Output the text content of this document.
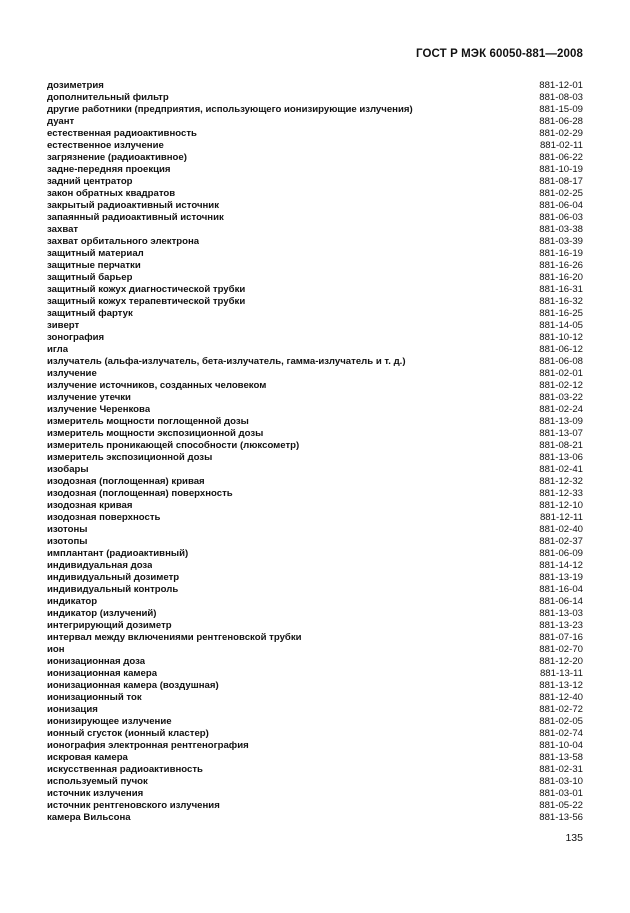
ГОСТ Р МЭК 60050-881—2008
дозиметрия	881-12-01
дополнительный фильтр	881-08-03
другие работники (предприятия, использующего ионизирующие излучения)	881-15-09
дуант	881-06-28
естественная радиоактивность	881-02-29
естественное излучение	881-02-11
загрязнение (радиоактивное)	881-06-22
задне-передняя проекция	881-10-19
задний центратор	881-08-17
закон обратных квадратов	881-02-25
закрытый радиоактивный источник	881-06-04
запаянный радиоактивный источник	881-06-03
захват	881-03-38
захват орбитального электрона	881-03-39
защитный материал	881-16-19
защитные перчатки	881-16-26
защитный барьер	881-16-20
защитный кожух диагностической трубки	881-16-31
защитный кожух терапевтической трубки	881-16-32
защитный фартук	881-16-25
зиверт	881-14-05
зонография	881-10-12
игла	881-06-12
излучатель (альфа-излучатель, бета-излучатель, гамма-излучатель и т. д.)	881-06-08
излучение	881-02-01
излучение источников, созданных человеком	881-02-12
излучение утечки	881-03-22
излучение Черенкова	881-02-24
измеритель мощности поглощенной дозы	881-13-09
измеритель мощности экспозиционной дозы	881-13-07
измеритель проникающей способности (люксометр)	881-08-21
измеритель экспозиционной дозы	881-13-06
изобары	881-02-41
изодозная (поглощенная) кривая	881-12-32
изодозная (поглощенная) поверхность	881-12-33
изодозная кривая	881-12-10
изодозная поверхность	881-12-11
изотоны	881-02-40
изотопы	881-02-37
имплантант (радиоактивный)	881-06-09
индивидуальная доза	881-14-12
индивидуальный дозиметр	881-13-19
индивидуальный контроль	881-16-04
индикатор	881-06-14
индикатор (излучений)	881-13-03
интегрирующий дозиметр	881-13-23
интервал между включениями рентгеновской трубки	881-07-16
ион	881-02-70
ионизационная доза	881-12-20
ионизационная камера	881-13-11
ионизационная камера (воздушная)	881-13-12
ионизационный ток	881-12-40
ионизация	881-02-72
ионизирующее излучение	881-02-05
ионный сгусток (ионный кластер)	881-02-74
ионография электронная рентгенография	881-10-04
искровая камера	881-13-58
искусственная радиоактивность	881-02-31
используемый пучок	881-03-10
источник излучения	881-03-01
источник рентгеновского излучения	881-05-22
камера Вильсона	881-13-56
135
